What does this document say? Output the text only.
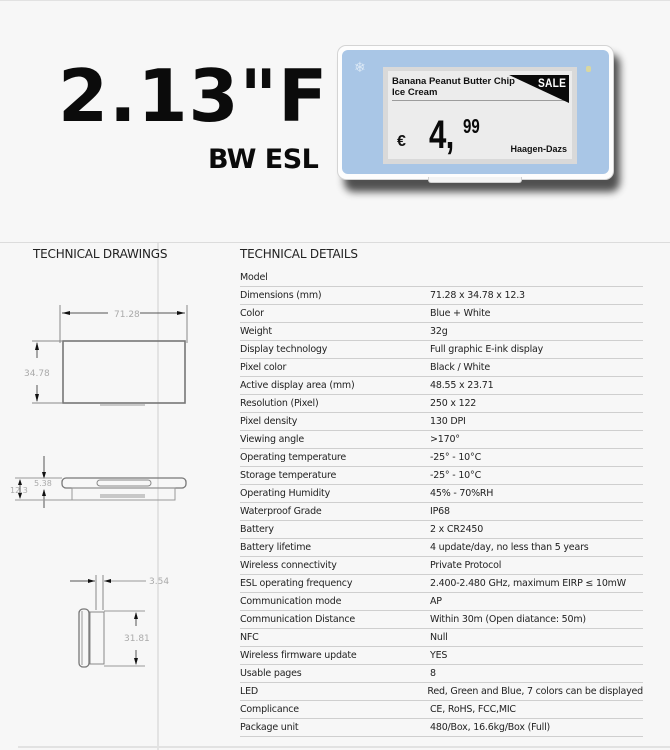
2.13"F
BW ESL
❄
Banana Peanut Butter Chip Ice Cream
SALE
€ 4, 99
Haagen-Dazs
TECHNICAL DRAWINGS	TECHNICAL DETAILS
71.28
34.78
5.38
12.3
3.54
31.81
Model
Dimensions (mm)	71.28 x 34.78 x 12.3
Color	Blue + White
Weight	32g
Display technology	Full graphic E-ink display
Pixel color	Black / White
Active display area (mm)	48.55 x 23.71
Resolution (Pixel)	250 x 122
Pixel density	130 DPI
Viewing angle	>170°
Operating temperature	-25° - 10°C
Storage temperature	-25° - 10°C
Operating Humidity	45% - 70%RH
Waterproof Grade	IP68
Battery	2 x CR2450
Battery lifetime	4 update/day, no less than 5 years
Wireless connectivity	Private Protocol
ESL operating frequency	2.400-2.480 GHz, maximum EIRP ≤ 10mW
Communication mode	AP
Communication Distance	Within 30m (Open diatance: 50m)
NFC	Null
Wireless firmware update	YES
Usable pages	8
LED	Red, Green and Blue, 7 colors can be displayed
Complicance	CE, RoHS, FCC,MIC
Package unit	480/Box, 16.6kg/Box (Full)
